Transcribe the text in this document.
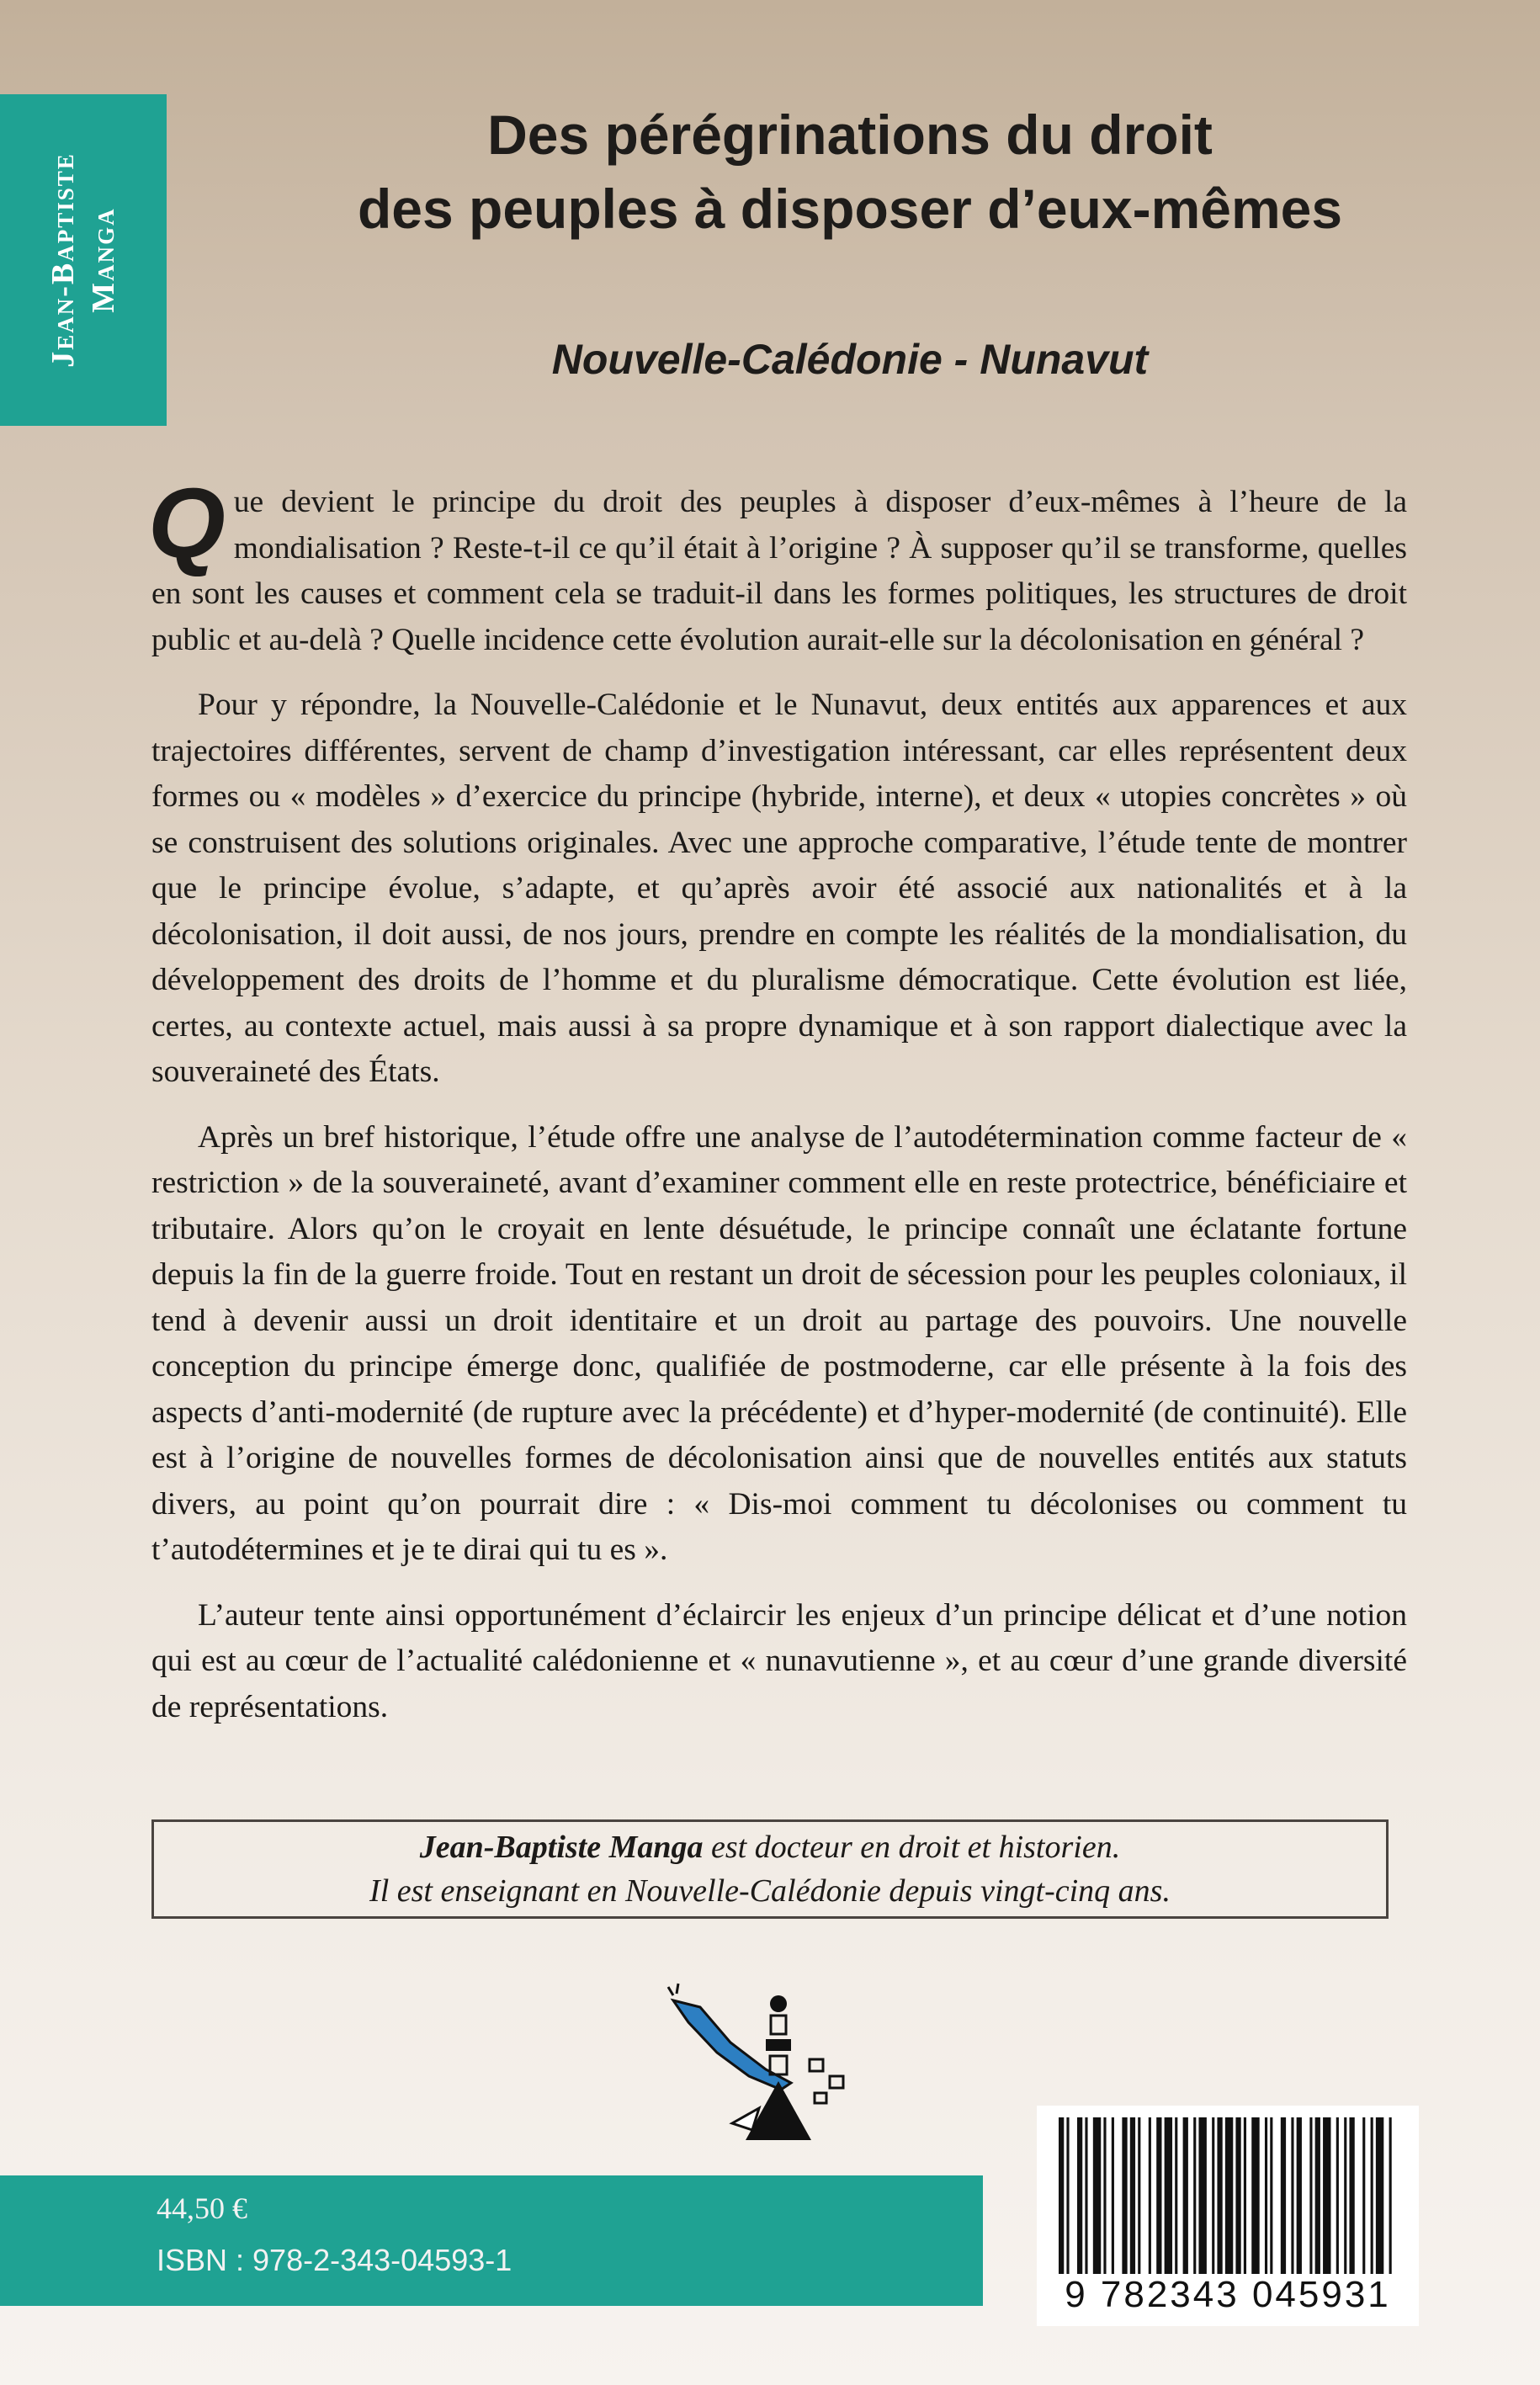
Jean-Baptiste Manga
Des pérégrinations du droit
des peuples à disposer d’eux-mêmes
Nouvelle-Calédonie - Nunavut

Que devient le principe du droit des peuples à disposer d’eux-mêmes à l’heure de la mondialisation ? Reste-t-il ce qu’il était à l’origine ? À supposer qu’il se transforme, quelles en sont les causes et comment cela se traduit-il dans les formes politiques, les structures de droit public et au-delà ? Quelle incidence cette évolution aurait-elle sur la décolonisation en général ?

Pour y répondre, la Nouvelle-Calédonie et le Nunavut, deux entités aux apparences et aux trajectoires différentes, servent de champ d’investigation intéressant, car elles représentent deux formes ou « modèles » d’exercice du principe (hybride, interne), et deux « utopies concrètes » où se construisent des solutions originales. Avec une approche comparative, l’étude tente de montrer que le principe évolue, s’adapte, et qu’après avoir été associé aux nationalités et à la décolonisation, il doit aussi, de nos jours, prendre en compte les réalités de la mondialisation, du développement des droits de l’homme et du pluralisme démocratique. Cette évolution est liée, certes, au contexte actuel, mais aussi à sa propre dynamique et à son rapport dialectique avec la souveraineté des États.

Après un bref historique, l’étude offre une analyse de l’autodétermination comme facteur de « restriction » de la souveraineté, avant d’examiner comment elle en reste protectrice, bénéficiaire et tributaire. Alors qu’on le croyait en lente désuétude, le principe connaît une éclatante fortune depuis la fin de la guerre froide. Tout en restant un droit de sécession pour les peuples coloniaux, il tend à devenir aussi un droit identitaire et un droit au partage des pouvoirs. Une nouvelle conception du principe émerge donc, qualifiée de postmoderne, car elle présente à la fois des aspects d’anti-modernité (de rupture avec la précédente) et d’hyper-modernité (de continuité). Elle est à l’origine de nouvelles formes de décolonisation ainsi que de nouvelles entités aux statuts divers, au point qu’on pourrait dire : « Dis-moi comment tu décolonises ou comment tu t’autodétermines et je te dirai qui tu es ».

L’auteur tente ainsi opportunément d’éclaircir les enjeux d’un principe délicat et d’une notion qui est au cœur de l’actualité calédonienne et « nunavutienne », et au cœur d’une grande diversité de représentations.

Jean-Baptiste Manga est docteur en droit et historien.
Il est enseignant en Nouvelle-Calédonie depuis vingt-cinq ans.
44,50 €
ISBN : 978-2-343-04593-1
9 782343 045931
